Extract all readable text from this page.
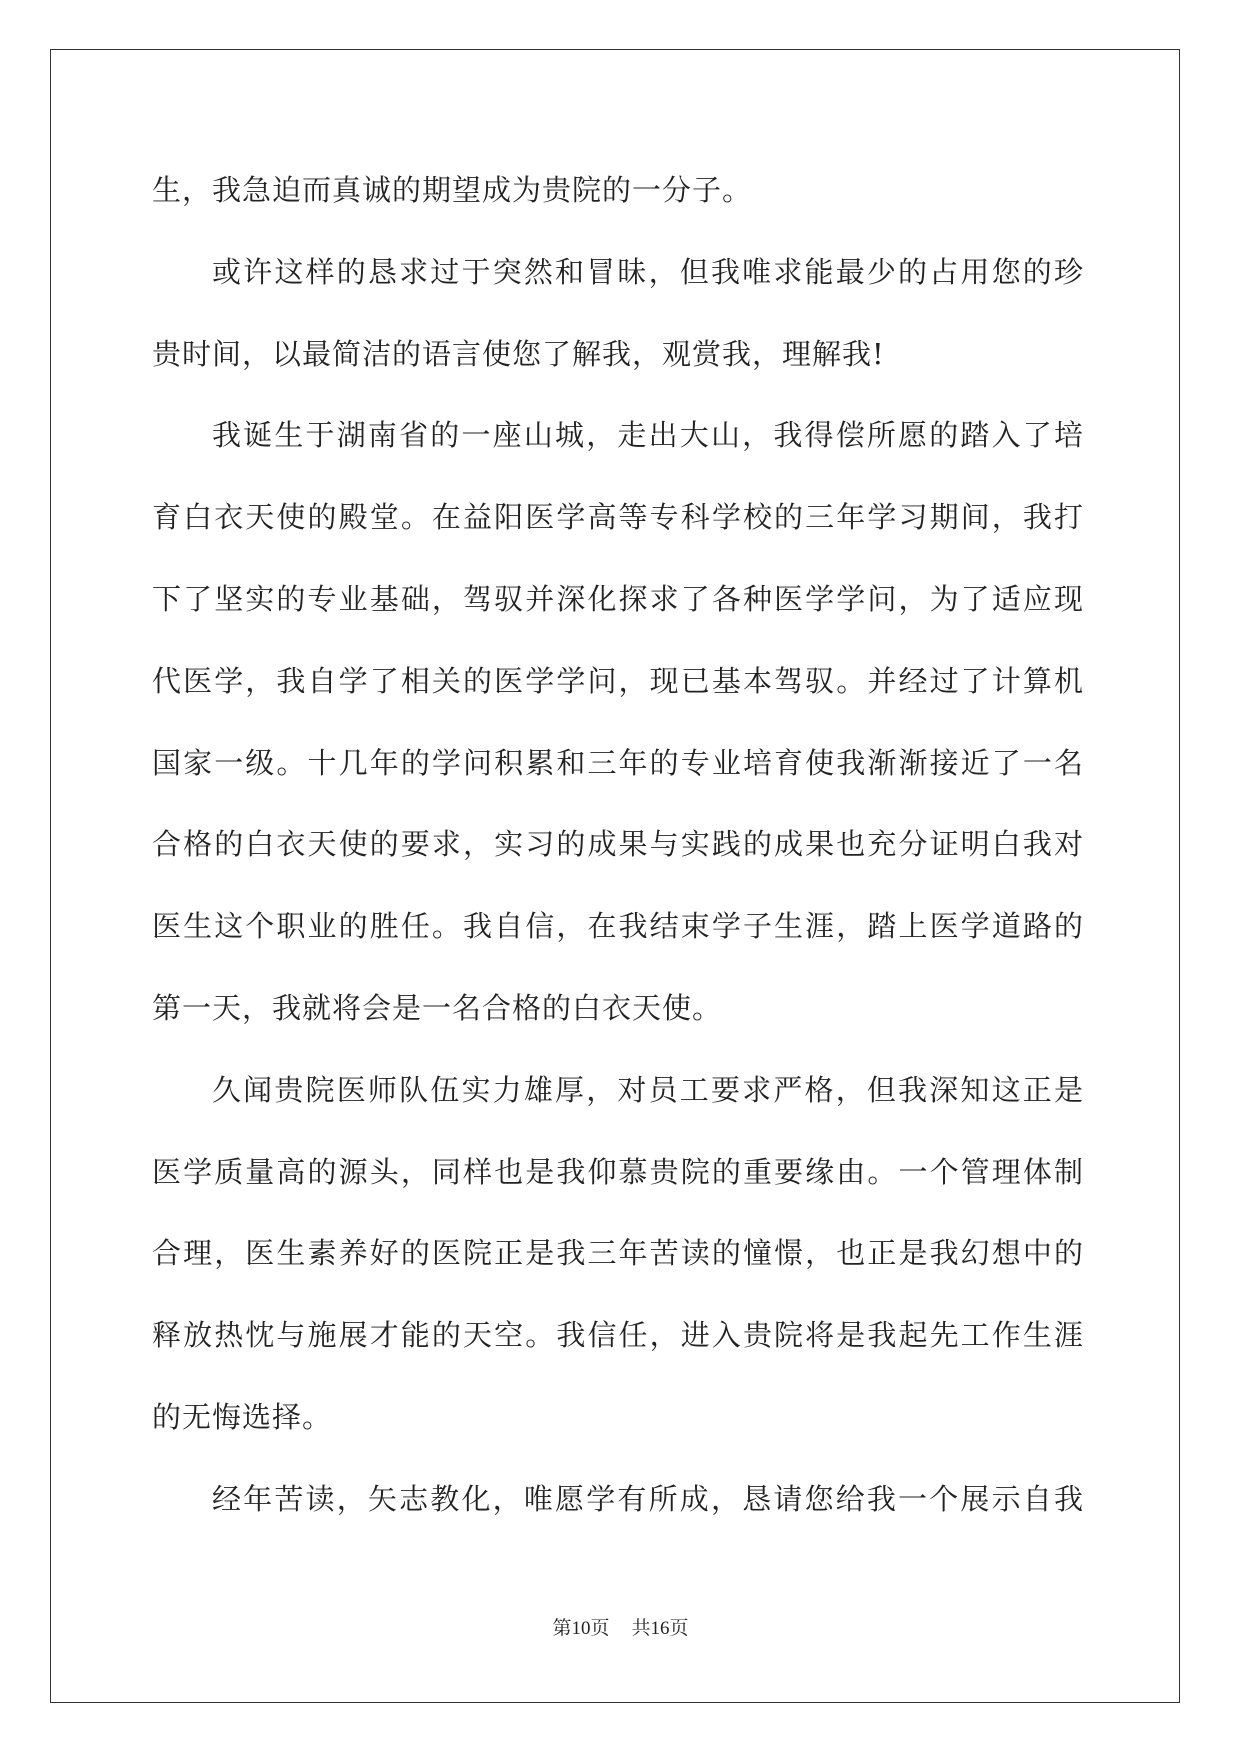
生，我急迫而真诚的期望成为贵院的一分子。
或许这样的恳求过于突然和冒昧，但我唯求能最少的占用您的珍
贵时间，以最简洁的语言使您了解我，观赏我，理解我!
我诞生于湖南省的一座山城，走出大山，我得偿所愿的踏入了培
育白衣天使的殿堂。在益阳医学高等专科学校的三年学习期间，我打
下了坚实的专业基础，驾驭并深化探求了各种医学学问，为了适应现
代医学，我自学了相关的医学学问，现已基本驾驭。并经过了计算机
国家一级。十几年的学问积累和三年的专业培育使我渐渐接近了一名
合格的白衣天使的要求，实习的成果与实践的成果也充分证明白我对
医生这个职业的胜任。我自信，在我结束学子生涯，踏上医学道路的
第一天，我就将会是一名合格的白衣天使。
久闻贵院医师队伍实力雄厚，对员工要求严格，但我深知这正是
医学质量高的源头，同样也是我仰慕贵院的重要缘由。一个管理体制
合理，医生素养好的医院正是我三年苦读的憧憬，也正是我幻想中的
释放热忱与施展才能的天空。我信任，进入贵院将是我起先工作生涯
的无悔选择。
经年苦读，矢志教化，唯愿学有所成，恳请您给我一个展示自我
第10页 共16页
